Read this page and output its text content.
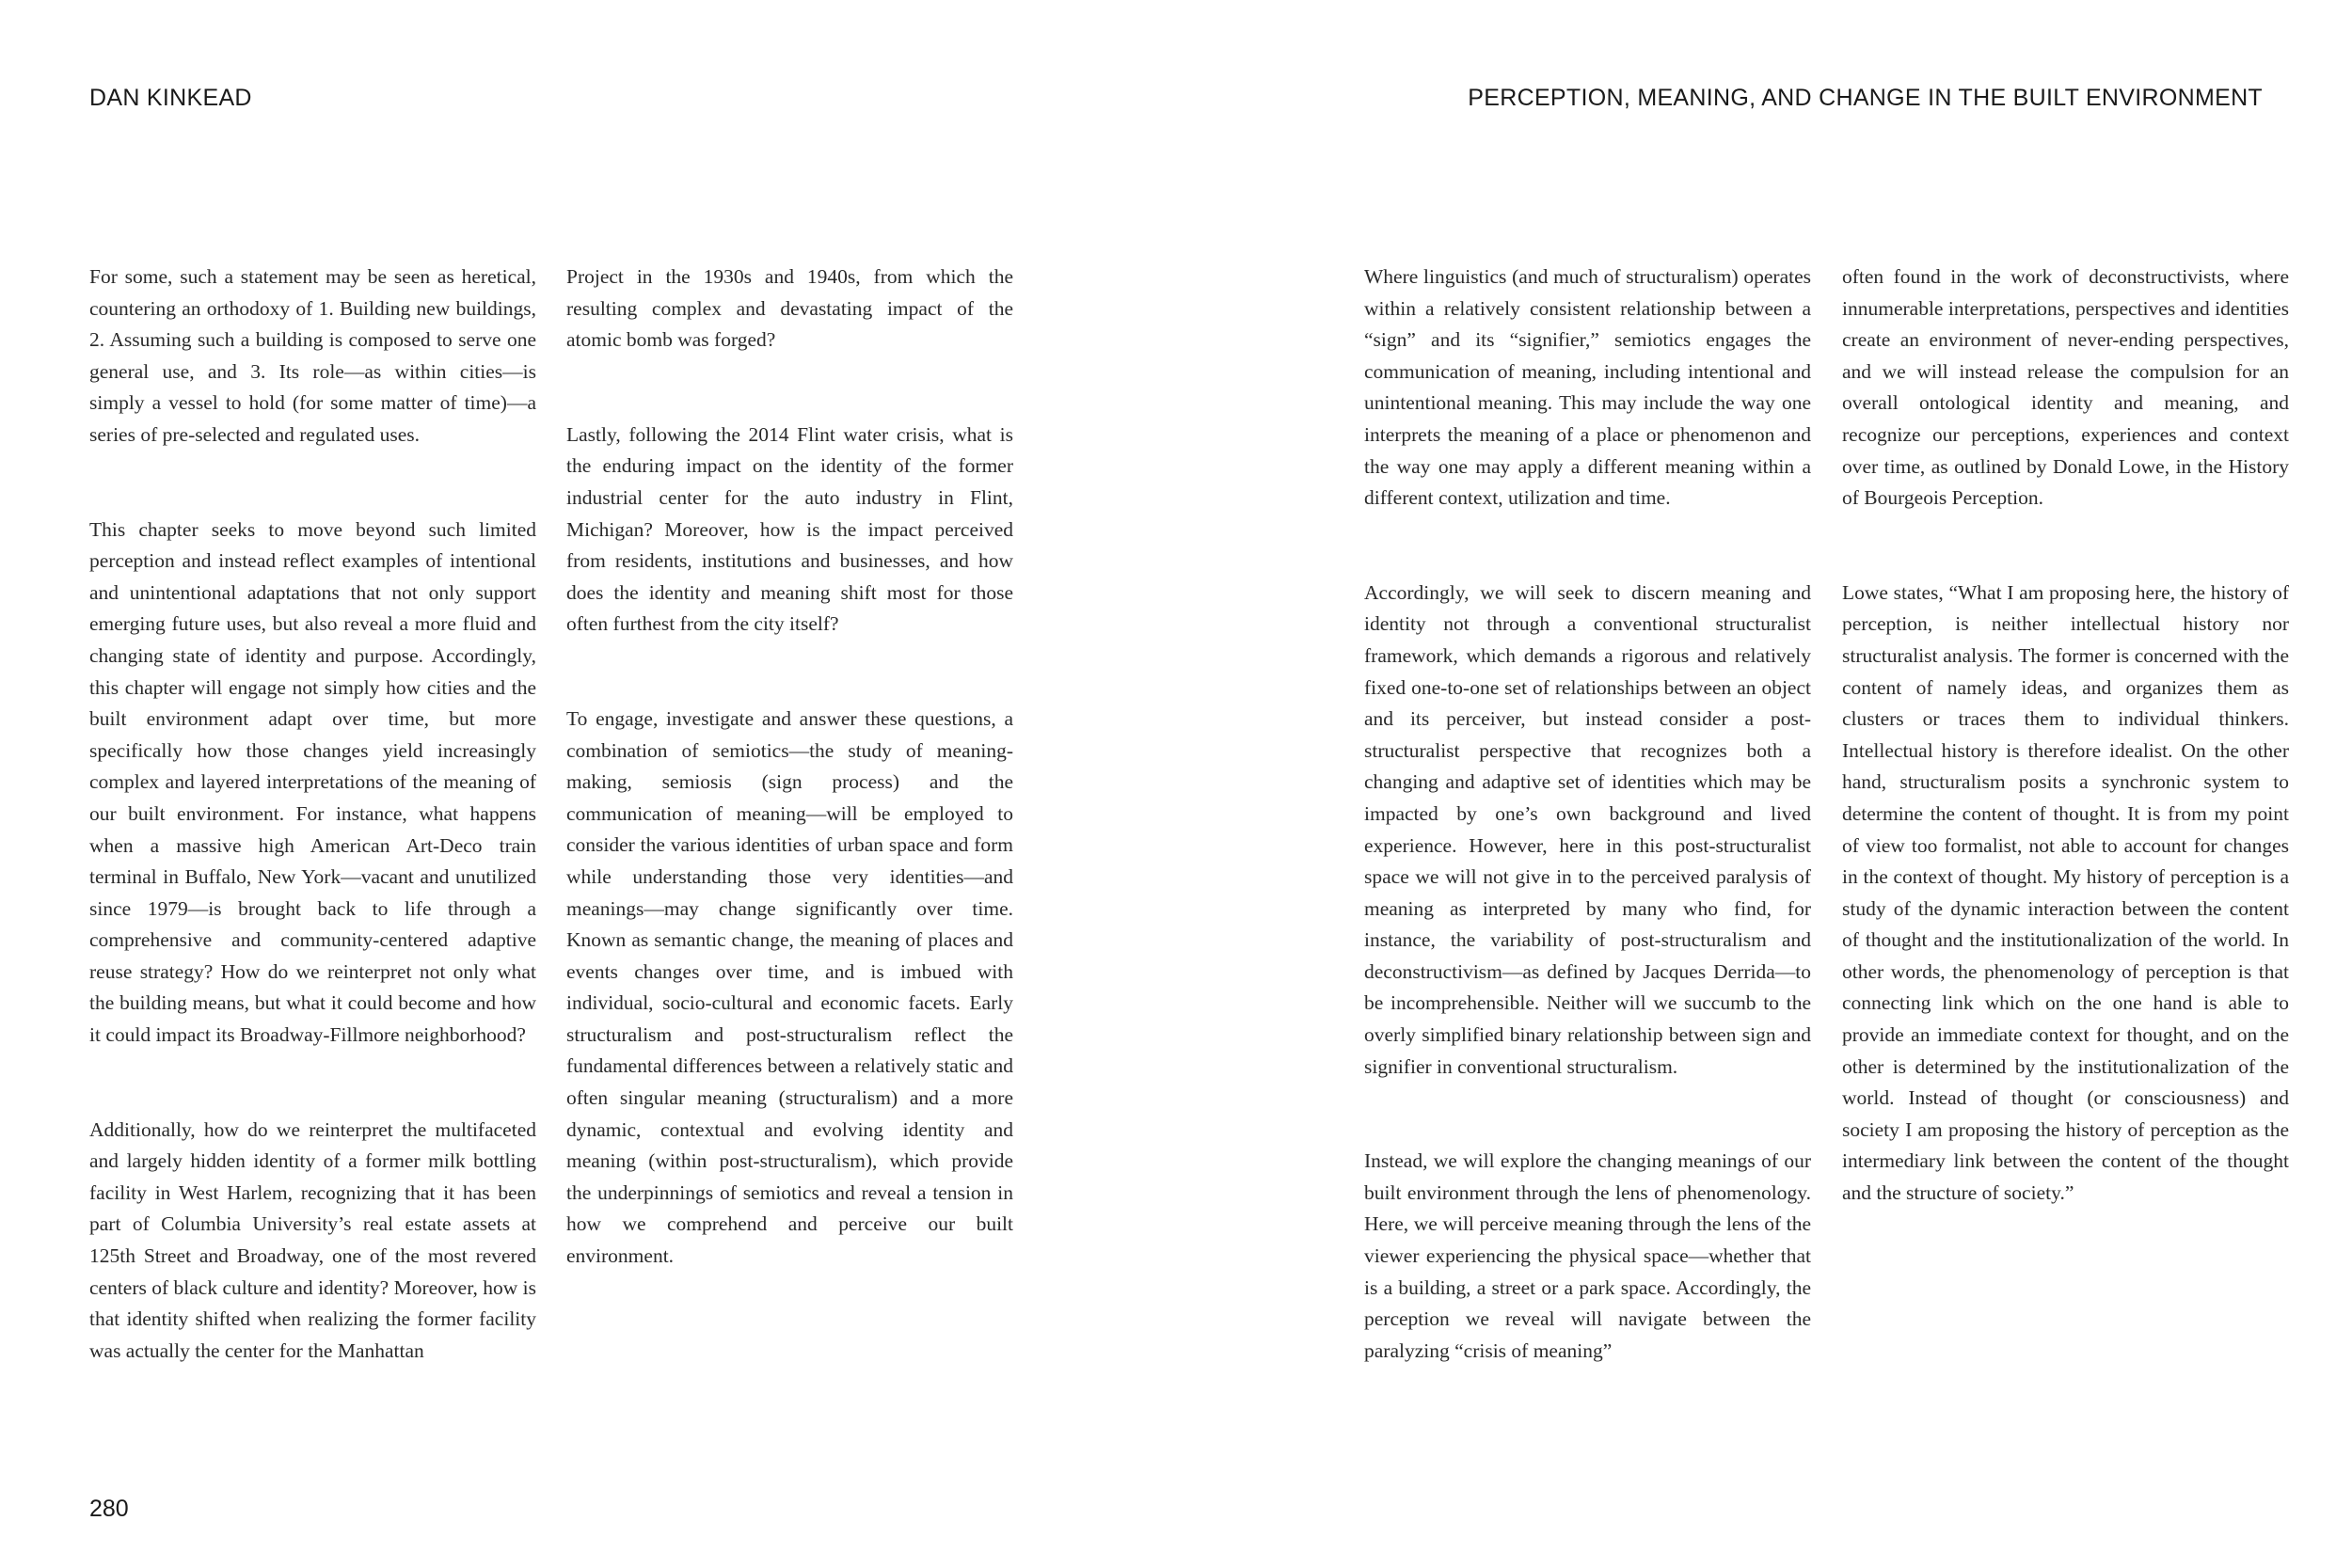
DAN KINKEAD	PERCEPTION, MEANING, AND CHANGE IN THE BUILT ENVIRONMENT

For some, such a statement may be seen as heretical, countering an orthodoxy of 1. Building new buildings, 2. Assuming such a building is composed to serve one general use, and 3. Its role—as within cities—is simply a vessel to hold (for some matter of time)—a series of pre-selected and regulated uses.

This chapter seeks to move beyond such limited perception and instead reflect examples of intentional and unintentional adaptations that not only support emerging future uses, but also reveal a more fluid and changing state of identity and purpose. Accordingly, this chapter will engage not simply how cities and the built environment adapt over time, but more specifically how those changes yield increasingly complex and layered interpretations of the meaning of our built environment. For instance, what happens when a massive high American Art-Deco train terminal in Buffalo, New York—vacant and unutilized since 1979—is brought back to life through a comprehensive and community-centered adaptive reuse strategy? How do we reinterpret not only what the building means, but what it could become and how it could impact its Broadway-Fillmore neighborhood?

Additionally, how do we reinterpret the multifaceted and largely hidden identity of a former milk bottling facility in West Harlem, recognizing that it has been part of Columbia University’s real estate assets at 125th Street and Broadway, one of the most revered centers of black culture and identity? Moreover, how is that identity shifted when realizing the former facility was actually the center for the Manhattan

Project in the 1930s and 1940s, from which the resulting complex and devastating impact of the atomic bomb was forged?

Lastly, following the 2014 Flint water crisis, what is the enduring impact on the identity of the former industrial center for the auto industry in Flint, Michigan? Moreover, how is the impact perceived from residents, institutions and businesses, and how does the identity and meaning shift most for those often furthest from the city itself?

To engage, investigate and answer these questions, a combination of semiotics—the study of meaning-making, semiosis (sign process) and the communication of meaning—will be employed to consider the various identities of urban space and form while understanding those very identities—and meanings—may change significantly over time. Known as semantic change, the meaning of places and events changes over time, and is imbued with individual, socio-cultural and economic facets. Early structuralism and post-structuralism reflect the fundamental differences between a relatively static and often singular meaning (structuralism) and a more dynamic, contextual and evolving identity and meaning (within post-structuralism), which provide the underpinnings of semiotics and reveal a tension in how we comprehend and perceive our built environment.

Where linguistics (and much of structuralism) operates within a relatively consistent relationship between a “sign” and its “signifier,” semiotics engages the communication of meaning, including intentional and unintentional meaning. This may include the way one interprets the meaning of a place or phenomenon and the way one may apply a different meaning within a different context, utilization and time.

Accordingly, we will seek to discern meaning and identity not through a conventional structuralist framework, which demands a rigorous and relatively fixed one-to-one set of relationships between an object and its perceiver, but instead consider a post-structuralist perspective that recognizes both a changing and adaptive set of identities which may be impacted by one’s own background and lived experience. However, here in this post-structuralist space we will not give in to the perceived paralysis of meaning as interpreted by many who find, for instance, the variability of post-structuralism and deconstructivism—as defined by Jacques Derrida—to be incomprehensible. Neither will we succumb to the overly simplified binary relationship between sign and signifier in conventional structuralism.

Instead, we will explore the changing meanings of our built environment through the lens of phenomenology. Here, we will perceive meaning through the lens of the viewer experiencing the physical space—whether that is a building, a street or a park space. Accordingly, the perception we reveal will navigate between the paralyzing “crisis of meaning”

often found in the work of deconstructivists, where innumerable interpretations, perspectives and identities create an environment of never-ending perspectives, and we will instead release the compulsion for an overall ontological identity and meaning, and recognize our perceptions, experiences and context over time, as outlined by Donald Lowe, in the History of Bourgeois Perception.

Lowe states, “What I am proposing here, the history of perception, is neither intellectual history nor structuralist analysis. The former is concerned with the content of namely ideas, and organizes them as clusters or traces them to individual thinkers. Intellectual history is therefore idealist. On the other hand, structuralism posits a synchronic system to determine the content of thought. It is from my point of view too formalist, not able to account for changes in the context of thought. My history of perception is a study of the dynamic interaction between the content of thought and the institutionalization of the world. In other words, the phenomenology of perception is that connecting link which on the one hand is able to provide an immediate context for thought, and on the other is determined by the institutionalization of the world. Instead of thought (or consciousness) and society I am proposing the history of perception as the intermediary link between the content of the thought and the structure of society.”

280
